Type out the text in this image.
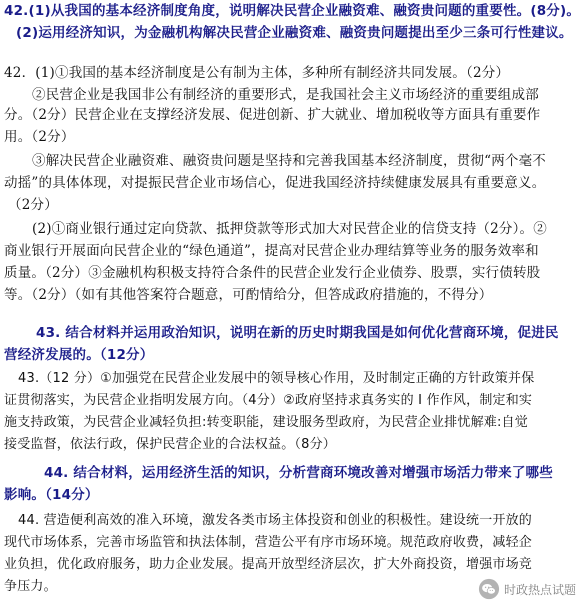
42.(1)从我国的基本经济制度角度，说明解决民营企业融资难、融资贵问题的重要性。(8分)。
(2)运用经济知识，为金融机构解决民营企业融资难、融资贵问题提出至少三条可行性建议。
42．(1)①我国的基本经济制度是公有制为主体，多种所有制经济共同发展。（2分）
②民营企业是我国非公有制经济的重要形式，是我国社会主义市场经济的重要组成部
分。（2分）民营企业在支撑经济发展、促进创新、扩大就业、增加税收等方面具有重要作
用。（2分）
③解决民营企业融资难、融资贵问题是坚持和完善我国基本经济制度，贯彻“两个毫不
动摇”的具体体现，对提振民营企业市场信心，促进我国经济持续健康发展具有重要意义。
（2分）
(2)①商业银行通过定向贷款、抵押贷款等形式加大对民营企业的信贷支持（2分）。②
商业银行开展面向民营企业的“绿色通道”，提高对民营企业办理结算等业务的服务效率和
质量。（2分）③金融机构积极支持符合条件的民营企业发行企业债券、股票，实行债转股
等。（2分）（如有其他答案符合题意，可酌情给分，但答成政府措施的，不得分）
43. 结合材料并运用政治知识，说明在新的历史时期我国是如何优化营商环境，促进民
营经济发展的。（12分）
43.（12 分）①加强党在民营企业发展中的领导核心作用，及时制定正确的方针政策并保
证贯彻落实，为民营企业指明发展方向。（4分）②政府坚持求真务实的 I 作作风，制定和实
施支持政策，为民营企业减轻负担:转变职能，建设服务型政府，为民营企业排忧解难:自觉
接受监督，依法行政，保护民营企业的合法权益。（8分）
44. 结合材料，运用经济生活的知识，分析营商环境改善对增强市场活力带来了哪些
影响。（14分）
44. 营造便利高效的准入环境，激发各类市场主体投资和创业的积极性。建设统一开放的
现代市场体系，完善市场监管和执法体制，营造公平有序市场环境。规范政府收费，减轻企
业负担，优化政府服务，助力企业发展。提高开放型经济层次，扩大外商投资，增强市场竞
争压力。	时政热点试题
